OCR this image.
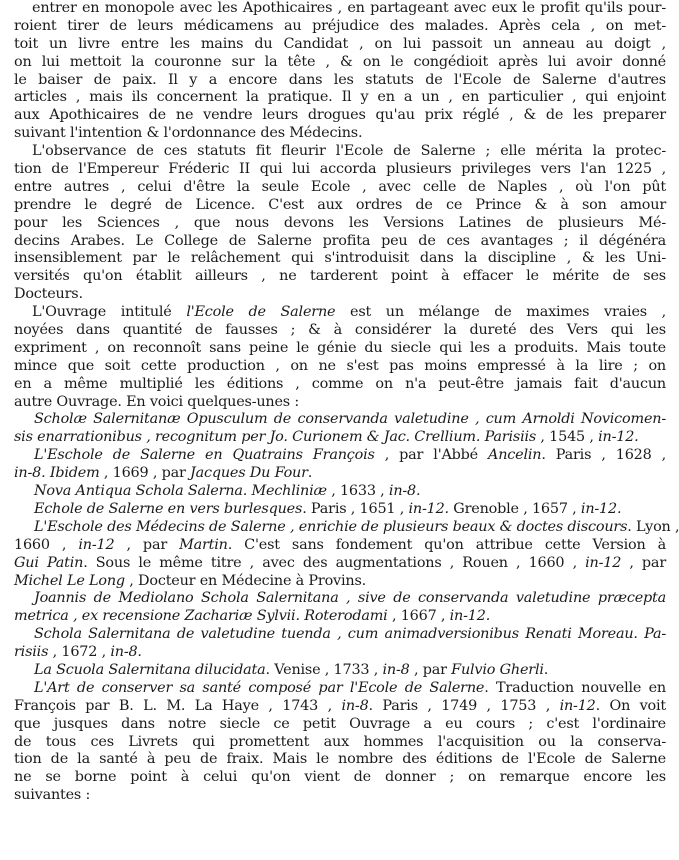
entrer en monopole avec les Apothicaires , en partageant avec eux le profit qu'ils pour-
roient tirer de leurs médicamens au préjudice des malades. Après cela , on met-
toit un livre entre les mains du Candidat , on lui passoit un anneau au doigt ,
on lui mettoit la couronne sur la tête , & on le congédioit après lui avoir donné
le baiser de paix. Il y a encore dans les statuts de l'Ecole de Salerne d'autres
articles , mais ils concernent la pratique. Il y en a un , en particulier , qui enjoint
aux Apothicaires de ne vendre leurs drogues qu'au prix réglé , & de les preparer
suivant l'intention & l'ordonnance des Médecins.
L'observance de ces statuts fit fleurir l'Ecole de Salerne ; elle mérita la protec-
tion de l'Empereur Fréderic II qui lui accorda plusieurs privileges vers l'an 1225 ,
entre autres , celui d'être la seule Ecole , avec celle de Naples , où l'on pût
prendre le degré de Licence. C'est aux ordres de ce Prince & à son amour
pour les Sciences , que nous devons les Versions Latines de plusieurs Mé-
decins Arabes. Le College de Salerne profita peu de ces avantages ; il dégénéra
insensiblement par le relâchement qui s'introduisit dans la discipline , & les Uni-
versités qu'on établit ailleurs , ne tarderent point à effacer le mérite de ses
Docteurs.
L'Ouvrage intitulé l'Ecole de Salerne est un mélange de maximes vraies ,
noyées dans quantité de fausses ; & à considérer la dureté des Vers qui les
expriment , on reconnoît sans peine le génie du siecle qui les a produits. Mais toute
mince que soit cette production , on ne s'est pas moins empressé à la lire ; on
en a même multiplié les éditions , comme on n'a peut-être jamais fait d'aucun
autre Ouvrage. En voici quelques-unes :
Scholæ Salernitanæ Opusculum de conservanda valetudine , cum Arnoldi Novicomen-
sis enarrationibus , recognitum per Jo. Curionem & Jac. Crellium. Parisiis , 1545 , in-12.
L'Eschole de Salerne en Quatrains François , par l'Abbé Ancelin. Paris , 1628 ,
in-8. Ibidem , 1669 , par Jacques Du Four.
Nova Antiqua Schola Salerna. Mechliniæ , 1633 , in-8.
Echole de Salerne en vers burlesques. Paris , 1651 , in-12. Grenoble , 1657 , in-12.
L'Eschole des Médecins de Salerne , enrichie de plusieurs beaux & doctes discours. Lyon ,
1660 , in-12 , par Martin. C'est sans fondement qu'on attribue cette Version à
Gui Patin. Sous le même titre , avec des augmentations , Rouen , 1660 , in-12 , par
Michel Le Long , Docteur en Médecine à Provins.
Joannis de Mediolano Schola Salernitana , sive de conservanda valetudine præcepta
metrica , ex recensione Zachariæ Sylvii. Roterodami , 1667 , in-12.
Schola Salernitana de valetudine tuenda , cum animadversionibus Renati Moreau. Pa-
risiis , 1672 , in-8.
La Scuola Salernitana dilucidata. Venise , 1733 , in-8 , par Fulvio Gherli.
L'Art de conserver sa santé composé par l'Ecole de Salerne. Traduction nouvelle en
François par B. L. M. La Haye , 1743 , in-8. Paris , 1749 , 1753 , in-12. On voit
que jusques dans notre siecle ce petit Ouvrage a eu cours ; c'est l'ordinaire
de tous ces Livrets qui promettent aux hommes l'acquisition ou la conserva-
tion de la santé à peu de fraix. Mais le nombre des éditions de l'Ecole de Salerne
ne se borne point à celui qu'on vient de donner ; on remarque encore les
suivantes :
